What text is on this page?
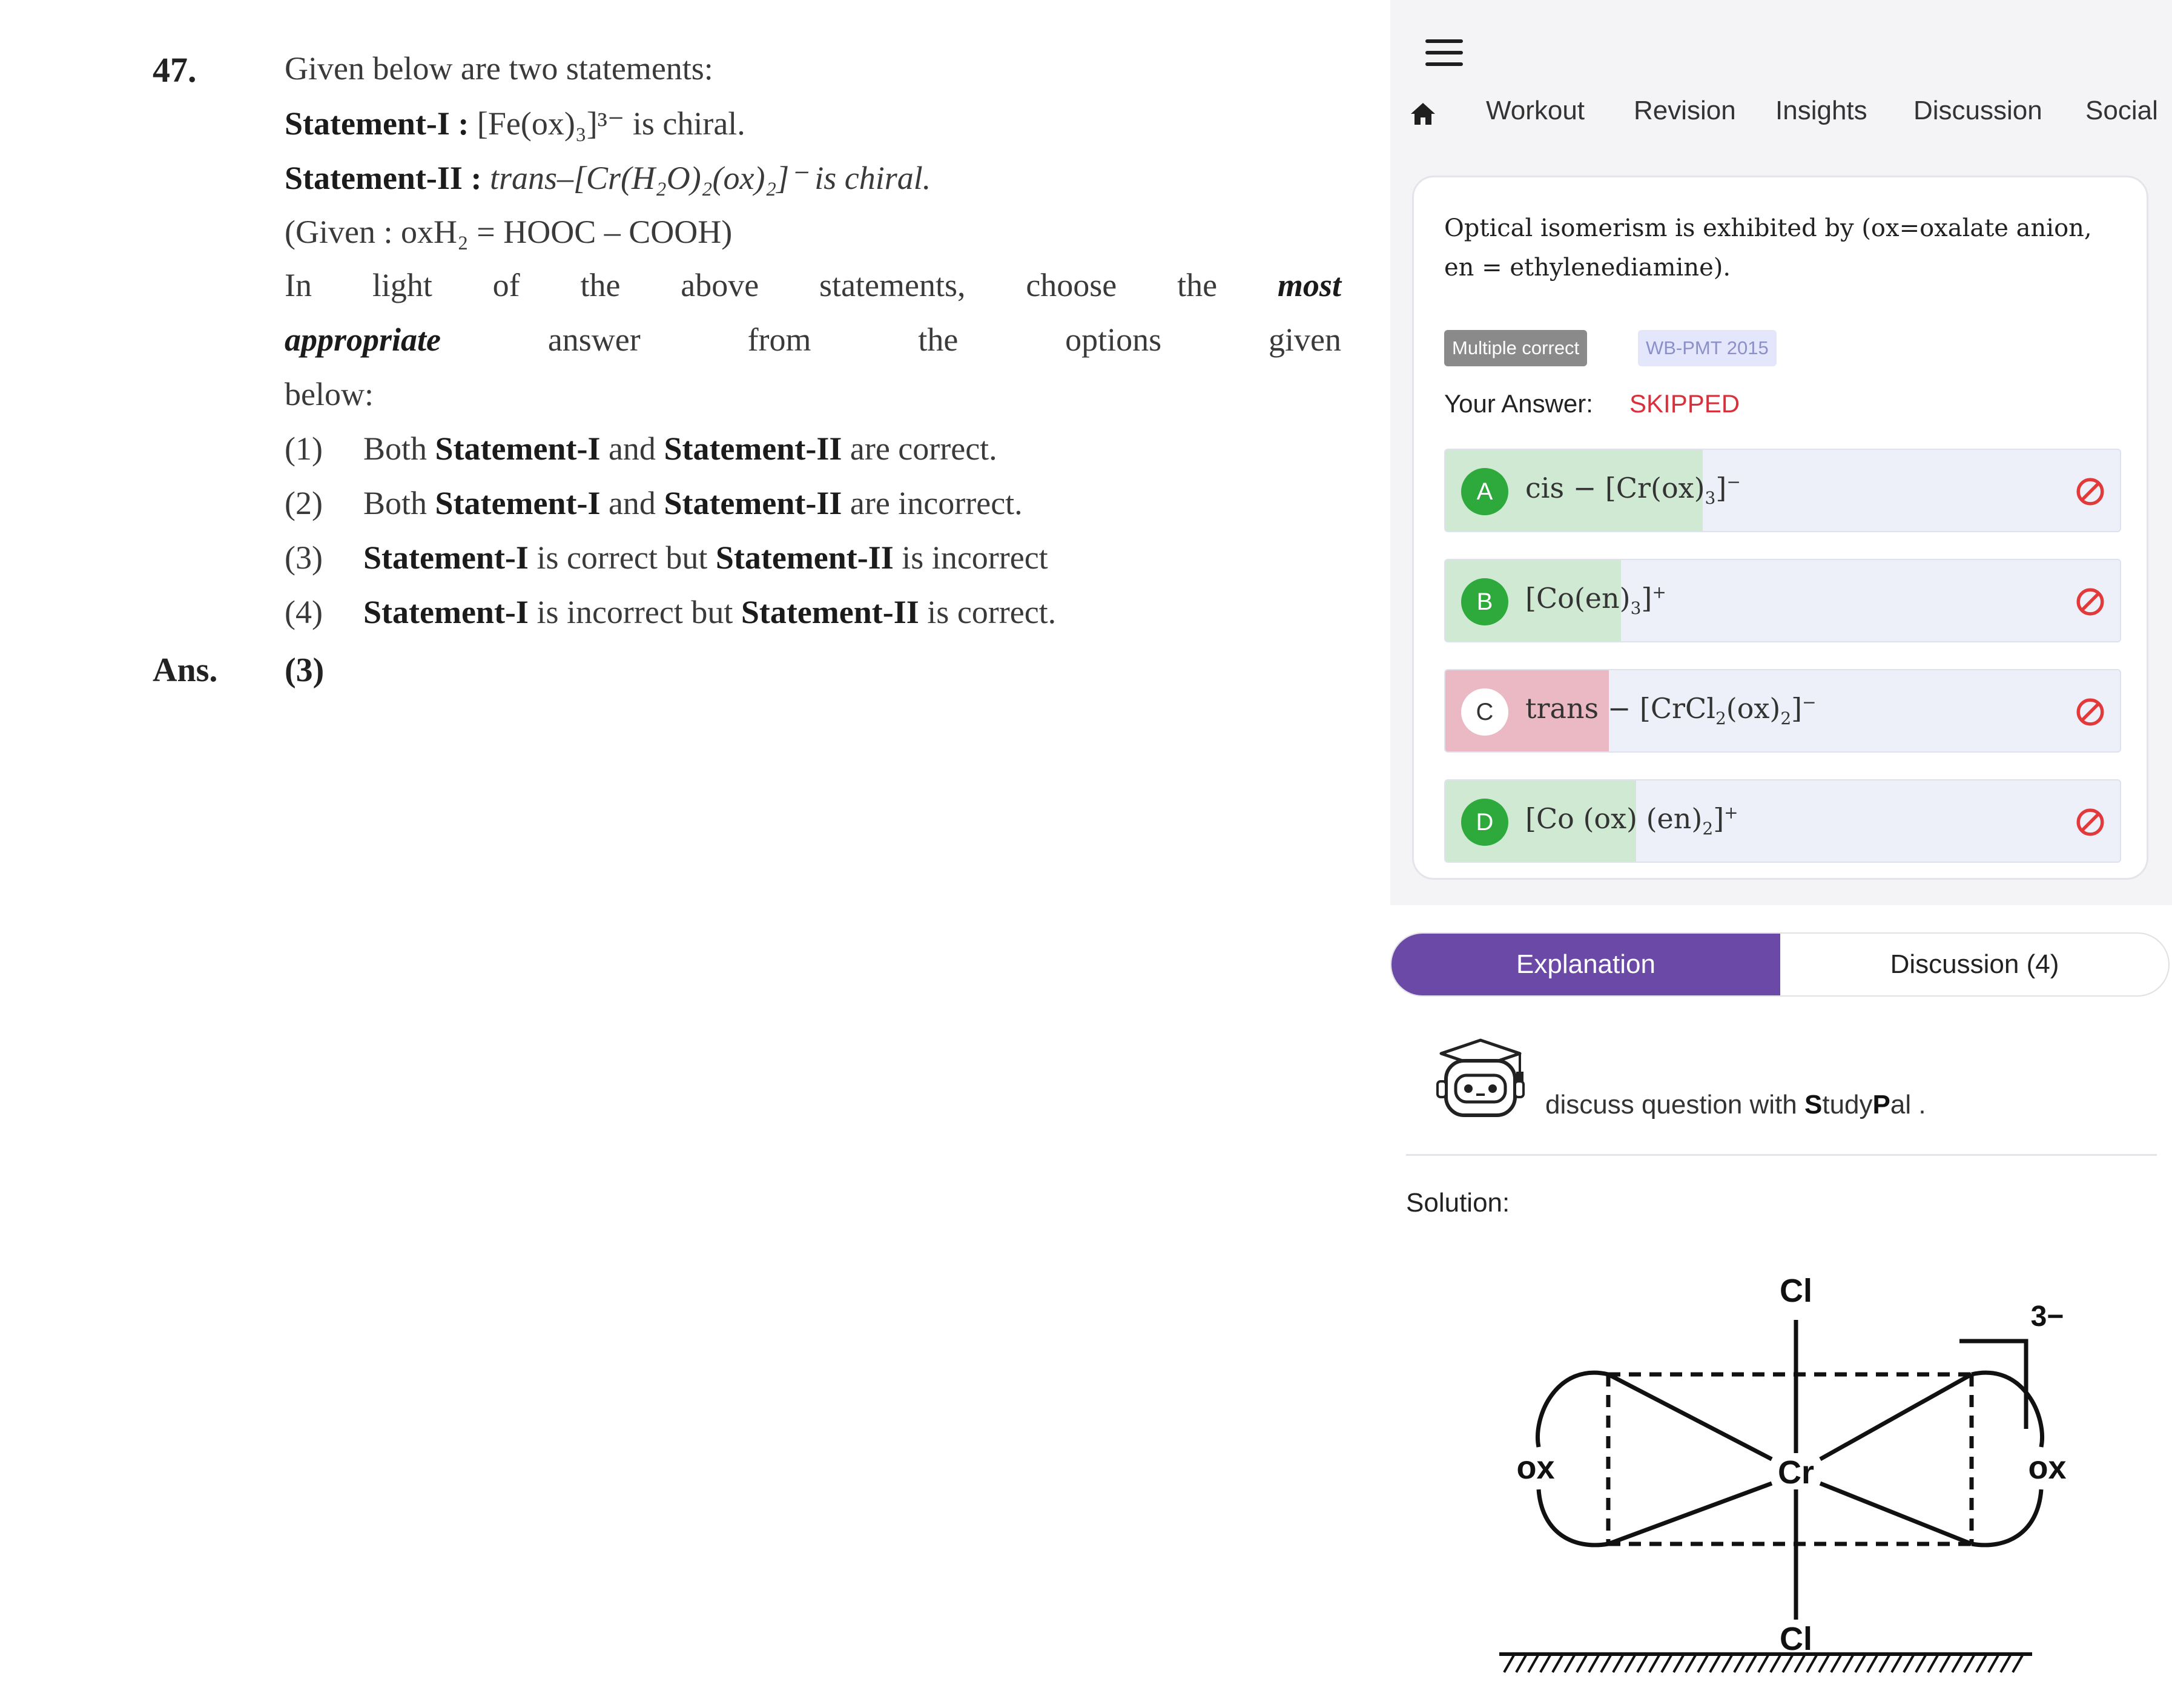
47.	Given below are two statements:
Statement-I : [Fe(ox)₃]³⁻ is chiral.
Statement-II : trans–[Cr(H₂O)₂(ox)₂]⁻ is chiral.
(Given : oxH₂ = HOOC – COOH)
In light of the above statements, choose the most
appropriate	answer	from	the	options	given
below:
(1) Both Statement-I and Statement-II are correct.
(2) Both Statement-I and Statement-II are incorrect.
(3) Statement-I is correct but Statement-II is incorrect
(4) Statement-I is incorrect but Statement-II is correct.
Ans. (3)
Workout Revision Insights Discussion Social
Optical isomerism is exhibited by (ox=oxalate anion, en = ethylenediamine).
Multiple correct	WB-PMT 2015
Your Answer: SKIPPED
A	cis − $[Cr(ox)_3]^-$
B	$[Co(en)_3]^+$
C	trans − $[CrCl_2(ox)_2]^-$
D	[Co (ox) $(en)_2]^+$
Explanation	Discussion (4)
discuss question with StudyPal .
Solution:
Cl
Cr
Cl
ox	ox
3−
